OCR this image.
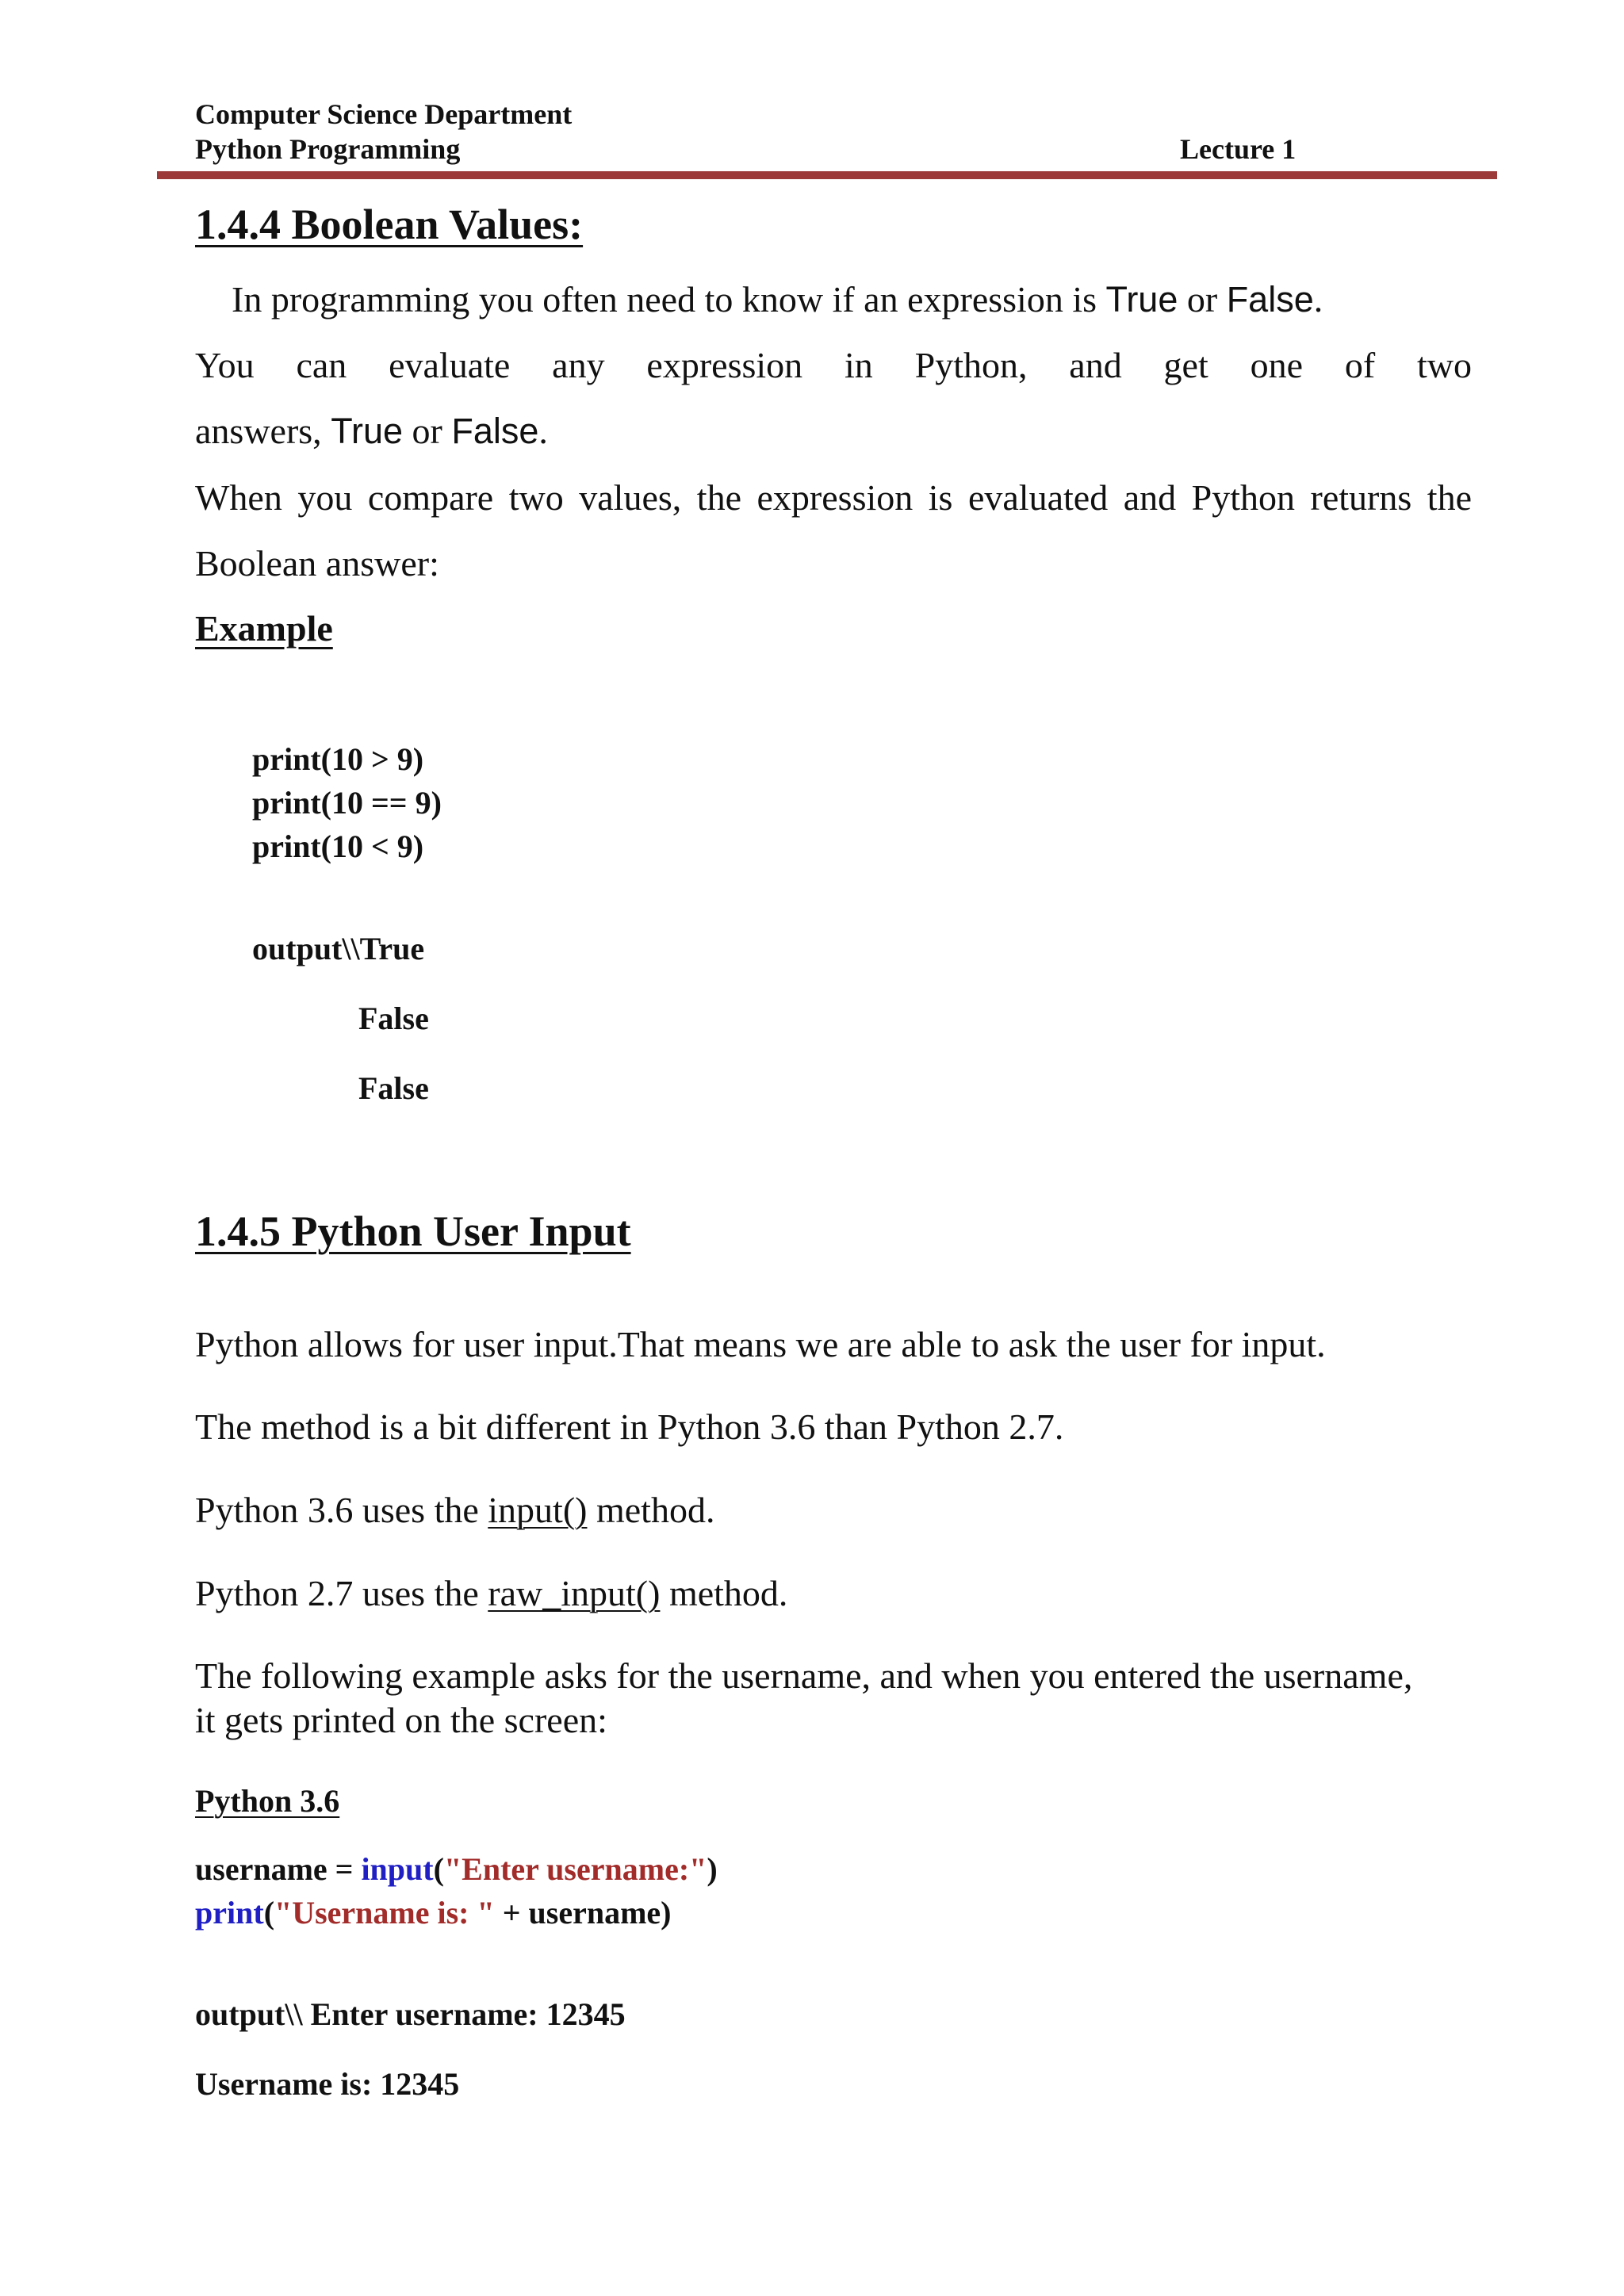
Computer Science Department
Python Programming	Lecture 1
1.4.4 Boolean Values:
In programming you often need to know if an expression is True or False.
You can evaluate any expression in Python, and get one of two
answers, True or False.
When you compare two values, the expression is evaluated and Python returns the
Boolean answer:
Example
print(10 > 9)
print(10 == 9)
print(10 < 9)
output\\True
False
False
1.4.5 Python User Input
Python allows for user input.That means we are able to ask the user for input.
The method is a bit different in Python 3.6 than Python 2.7.
Python 3.6 uses the input() method.
Python 2.7 uses the raw_input() method.
The following example asks for the username, and when you entered the username,
it gets printed on the screen:
Python 3.6
username = input("Enter username:")
print("Username is: " + username)
output\\ Enter username: 12345
Username is: 12345
